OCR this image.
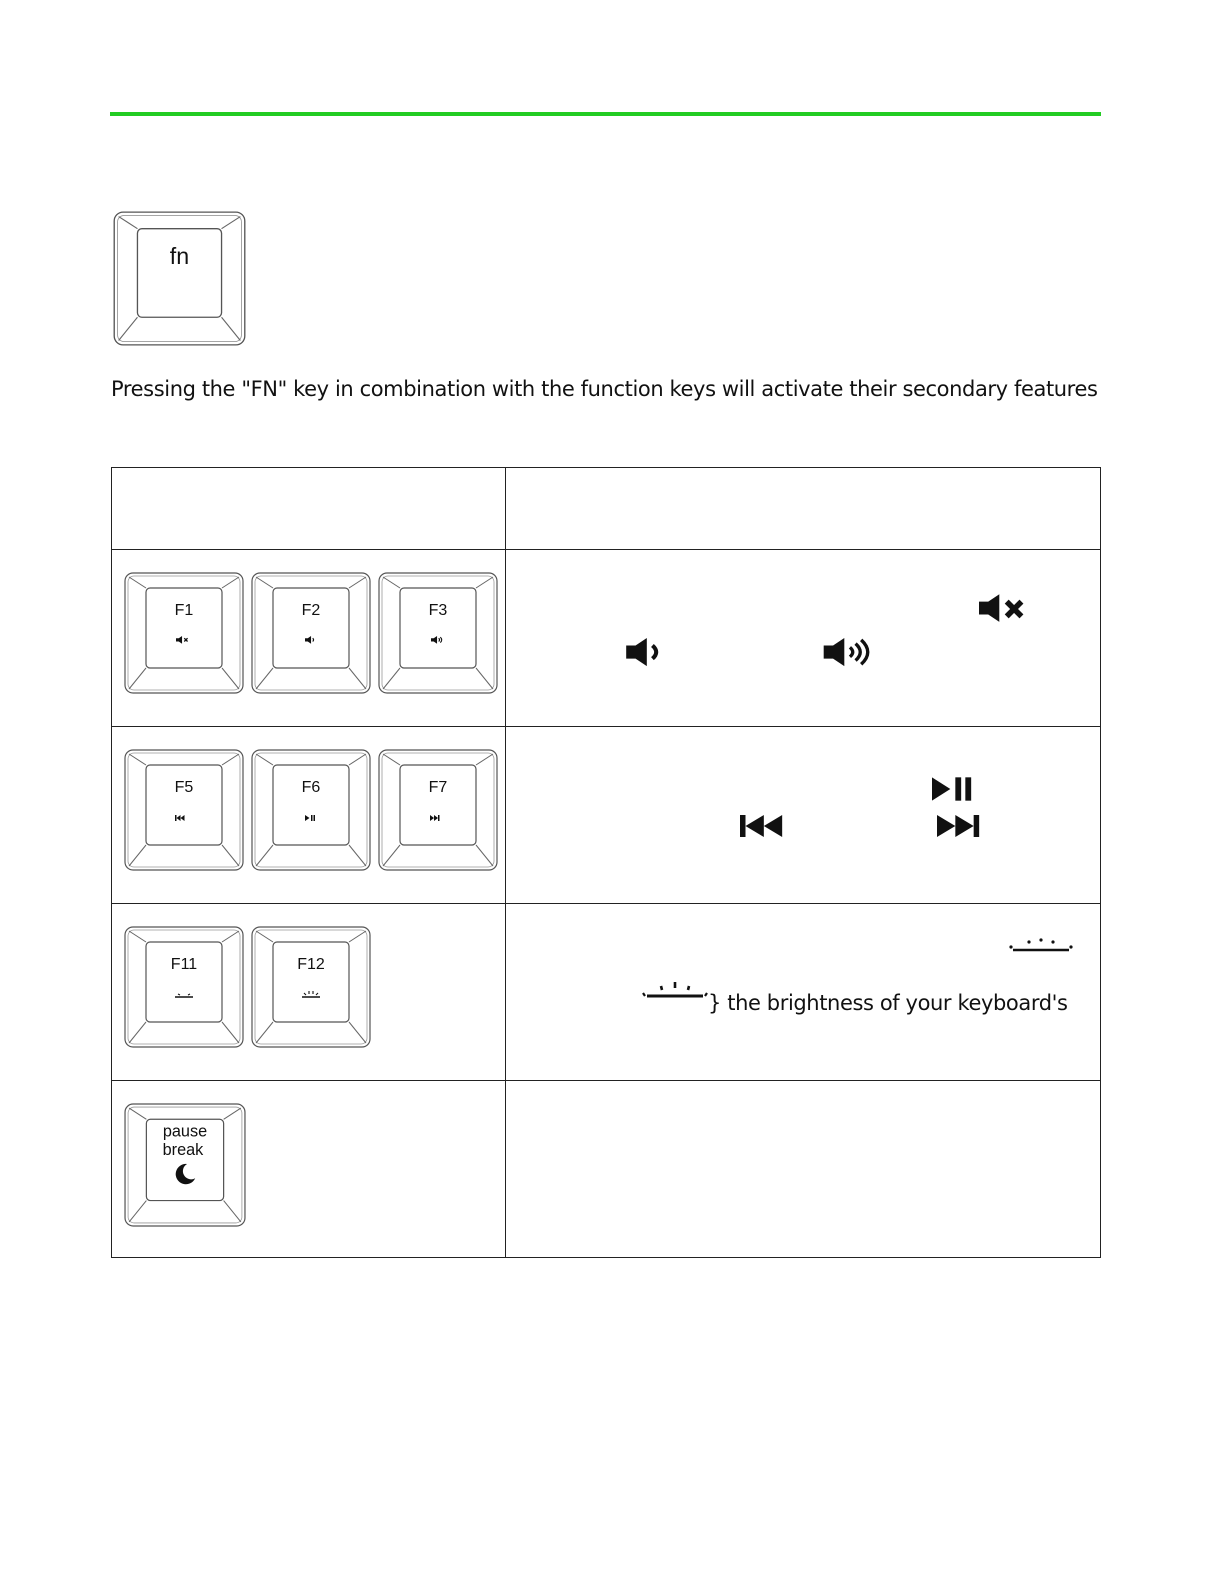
fn

Pressing the "FN" key in combination with the function keys will activate their secondary features

F1 F2 F3

F5 F6 F7

F11 F12	} the brightness of your keyboard's

pause
break	
